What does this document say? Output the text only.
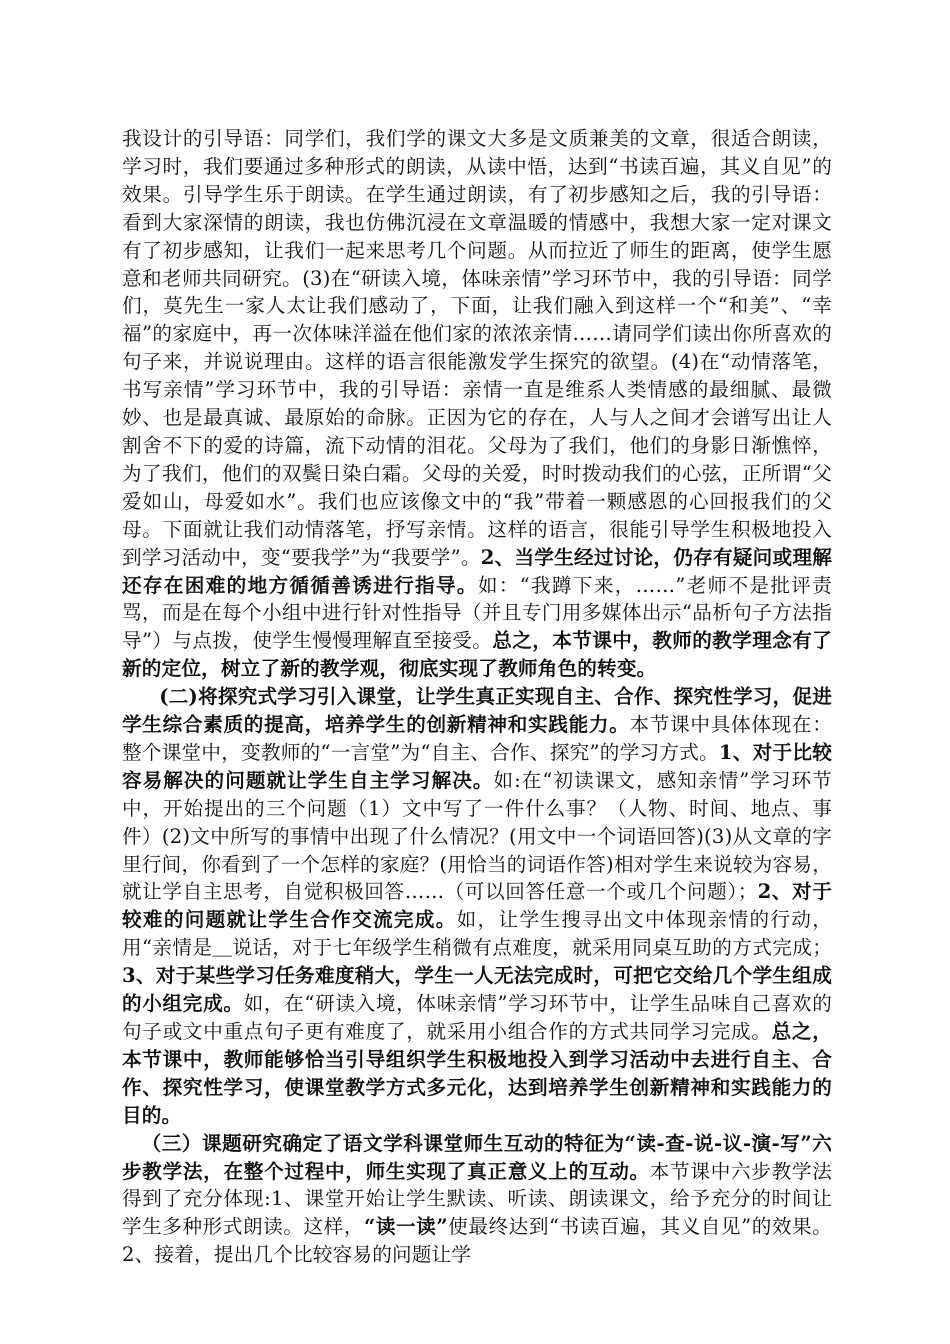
我设计的引导语：同学们，我们学的课文大多是文质兼美的文章，很适合朗读，学习时，我们要通过多种形式的朗读，从读中悟，达到“书读百遍，其义自见”的效果。引导学生乐于朗读。在学生通过朗读，有了初步感知之后，我的引导语：看到大家深情的朗读，我也仿佛沉浸在文章温暖的情感中，我想大家一定对课文有了初步感知，让我们一起来思考几个问题。从而拉近了师生的距离，使学生愿意和老师共同研究。(3)在“研读入境，体味亲情”学习环节中，我的引导语：同学们，莫先生一家人太让我们感动了，下面，让我们融入到这样一个“和美”、“幸福”的家庭中，再一次体味洋溢在他们家的浓浓亲情……请同学们读出你所喜欢的句子来，并说说理由。这样的语言很能激发学生探究的欲望。(4)在“动情落笔，书写亲情”学习环节中，我的引导语：亲情一直是维系人类情感的最细腻、最微妙、也是最真诚、最原始的命脉。正因为它的存在，人与人之间才会谱写出让人割舍不下的爱的诗篇，流下动情的泪花。父母为了我们，他们的身影日渐憔悴，为了我们，他们的双鬓日染白霜。父母的关爱，时时拨动我们的心弦，正所谓“父爱如山，母爱如水”。我们也应该像文中的“我”带着一颗感恩的心回报我们的父母。下面就让我们动情落笔，抒写亲情。这样的语言，很能引导学生积极地投入到学习活动中，变“要我学”为“我要学”。2、当学生经过讨论，仍存有疑问或理解还存在困难的地方循循善诱进行指导。如：“我蹲下来，……”老师不是批评责骂，而是在每个小组中进行针对性指导（并且专门用多媒体出示“品析句子方法指导”）与点拨，使学生慢慢理解直至接受。总之，本节课中，教师的教学理念有了新的定位，树立了新的教学观，彻底实现了教师角色的转变。

(二)将探究式学习引入课堂，让学生真正实现自主、合作、探究性学习，促进学生综合素质的提高，培养学生的创新精神和实践能力。本节课中具体体现在：整个课堂中，变教师的“一言堂”为“自主、合作、探究”的学习方式。1、对于比较容易解决的问题就让学生自主学习解决。如:在“初读课文，感知亲情”学习环节中，开始提出的三个问题（1）文中写了一件什么事？（人物、时间、地点、事件）(2)文中所写的事情中出现了什么情况？(用文中一个词语回答)(3)从文章的字里行间，你看到了一个怎样的家庭？(用恰当的词语作答)相对学生来说较为容易，就让学自主思考，自觉积极回答……（可以回答任意一个或几个问题）；2、对于较难的问题就让学生合作交流完成。如，让学生搜寻出文中体现亲情的行动，用“亲情是＿说话，对于七年级学生稍微有点难度，就采用同桌互助的方式完成；3、对于某些学习任务难度稍大，学生一人无法完成时，可把它交给几个学生组成的小组完成。如，在“研读入境，体味亲情”学习环节中，让学生品味自己喜欢的句子或文中重点句子更有难度了，就采用小组合作的方式共同学习完成。总之，本节课中，教师能够恰当引导组织学生积极地投入到学习活动中去进行自主、合作、探究性学习，使课堂教学方式多元化，达到培养学生创新精神和实践能力的目的。

（三）课题研究确定了语文学科课堂师生互动的特征为“读-查-说-议-演-写”六步教学法，在整个过程中，师生实现了真正意义上的互动。本节课中六步教学法得到了充分体现:1、课堂开始让学生默读、听读、朗读课文，给予充分的时间让学生多种形式朗读。这样，“读一读”使最终达到“书读百遍，其义自见”的效果。2、接着，提出几个比较容易的问题让学
